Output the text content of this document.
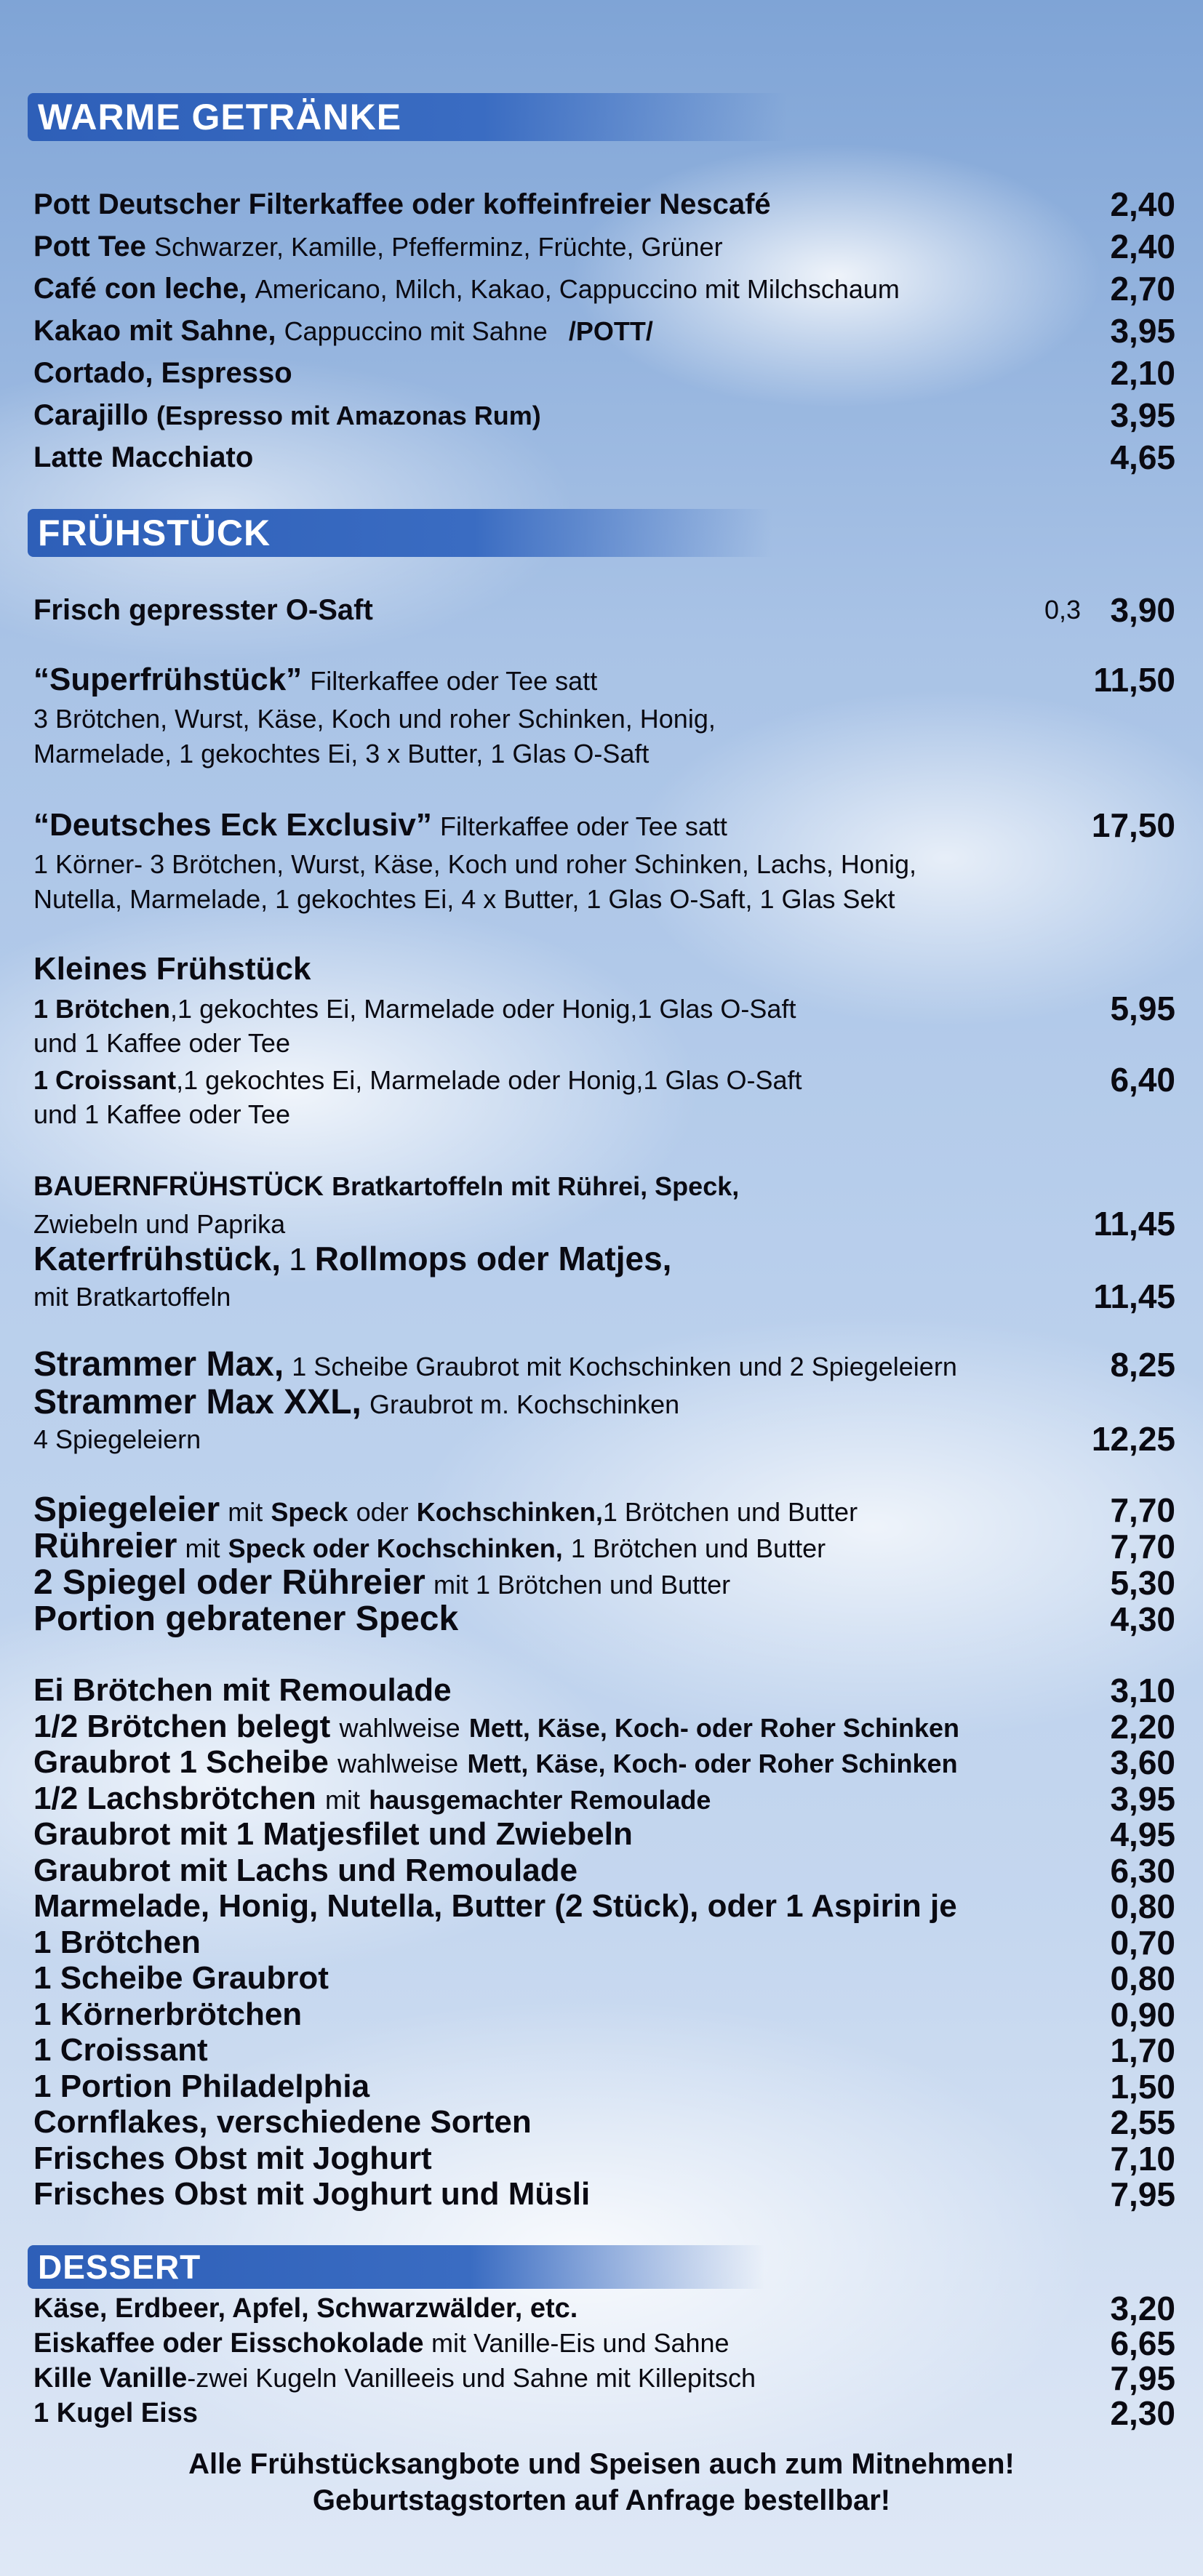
WARME GETRÄNKE
Pott Deutscher Filterkaffee oder koffeinfreier Nescafé	2,40
Pott Tee Schwarzer, Kamille, Pfefferminz, Früchte, Grüner	2,40
Café con leche, Americano, Milch, Kakao, Cappuccino mit Milchschaum	2,70
Kakao mit Sahne, Cappuccino mit Sahne /POTT/	3,95
Cortado, Espresso	2,10
Carajillo (Espresso mit Amazonas Rum)	3,95
Latte Macchiato	4,65
FRÜHSTÜCK
Frisch gepresster O-Saft	0,3 3,90
“Superfrühstück” Filterkaffee oder Tee satt	11,50
3 Brötchen, Wurst, Käse, Koch und roher Schinken, Honig,
Marmelade, 1 gekochtes Ei, 3 x Butter, 1 Glas O-Saft
“Deutsches Eck Exclusiv” Filterkaffee oder Tee satt	17,50
1 Körner- 3 Brötchen, Wurst, Käse, Koch und roher Schinken, Lachs, Honig,
Nutella, Marmelade, 1 gekochtes Ei, 4 x Butter, 1 Glas O-Saft, 1 Glas Sekt
Kleines Frühstück
1 Brötchen,1 gekochtes Ei, Marmelade oder Honig,1 Glas O-Saft	5,95
und 1 Kaffee oder Tee
1 Croissant,1 gekochtes Ei, Marmelade oder Honig,1 Glas O-Saft	6,40
und 1 Kaffee oder Tee
BAUERNFRÜHSTÜCK Bratkartoffeln mit Rührei, Speck,
Zwiebeln und Paprika	11,45
Katerfrühstück, 1 Rollmops oder Matjes,
mit Bratkartoffeln	11,45
Strammer Max, 1 Scheibe Graubrot mit Kochschinken und 2 Spiegeleiern	8,25
Strammer Max XXL, Graubrot m. Kochschinken
4 Spiegeleiern	12,25
Spiegeleier mit Speck oder Kochschinken,1 Brötchen und Butter	7,70
Rühreier mit Speck oder Kochschinken, 1 Brötchen und Butter	7,70
2 Spiegel oder Rühreier mit 1 Brötchen und Butter	5,30
Portion gebratener Speck	4,30
Ei Brötchen mit Remoulade	3,10
1/2 Brötchen belegt wahlweise Mett, Käse, Koch- oder Roher Schinken	2,20
Graubrot 1 Scheibe wahlweise Mett, Käse, Koch- oder Roher Schinken	3,60
1/2 Lachsbrötchen mit hausgemachter Remoulade	3,95
Graubrot mit 1 Matjesfilet und Zwiebeln	4,95
Graubrot mit Lachs und Remoulade	6,30
Marmelade, Honig, Nutella, Butter (2 Stück), oder 1 Aspirin je	0,80
1 Brötchen	0,70
1 Scheibe Graubrot	0,80
1 Körnerbrötchen	0,90
1 Croissant	1,70
1 Portion Philadelphia	1,50
Cornflakes, verschiedene Sorten	2,55
Frisches Obst mit Joghurt	7,10
Frisches Obst mit Joghurt und Müsli	7,95
DESSERT
Käse, Erdbeer, Apfel, Schwarzwälder, etc.	3,20
Eiskaffee oder Eisschokolade mit Vanille-Eis und Sahne	6,65
Kille Vanille-zwei Kugeln Vanilleeis und Sahne mit Killepitsch	7,95
1 Kugel Eiss	2,30
Alle Frühstücksangbote und Speisen auch zum Mitnehmen!
Geburtstagstorten auf Anfrage bestellbar!
